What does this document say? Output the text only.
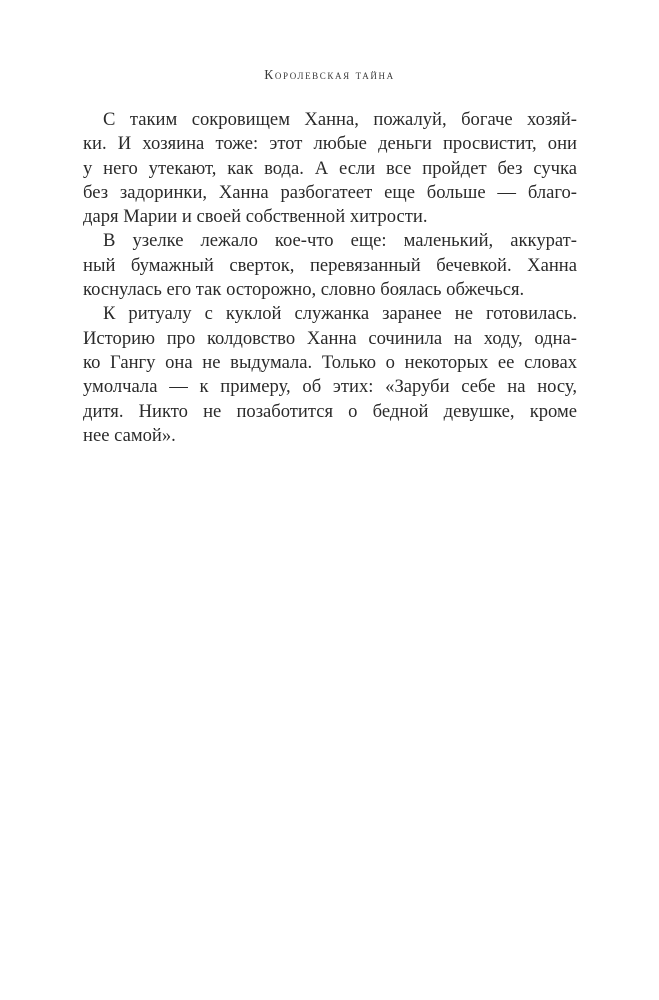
Королевская тайна
С таким сокровищем Ханна, пожалуй, богаче хозяй-
ки. И хозяина тоже: этот любые деньги просвистит, они
у него утекают, как вода. А если все пройдет без сучка
без задоринки, Ханна разбогатеет еще больше — благо-
даря Марии и своей собственной хитрости.
В узелке лежало кое-что еще: маленький, аккурат-
ный бумажный сверток, перевязанный бечевкой. Ханна
коснулась его так осторожно, словно боялась обжечься.
К ритуалу с куклой служанка заранее не готовилась.
Историю про колдовство Ханна сочинила на ходу, одна-
ко Гангу она не выдумала. Только о некоторых ее словах
умолчала — к примеру, об этих: «Заруби себе на носу,
дитя. Никто не позаботится о бедной девушке, кроме
нее самой».
